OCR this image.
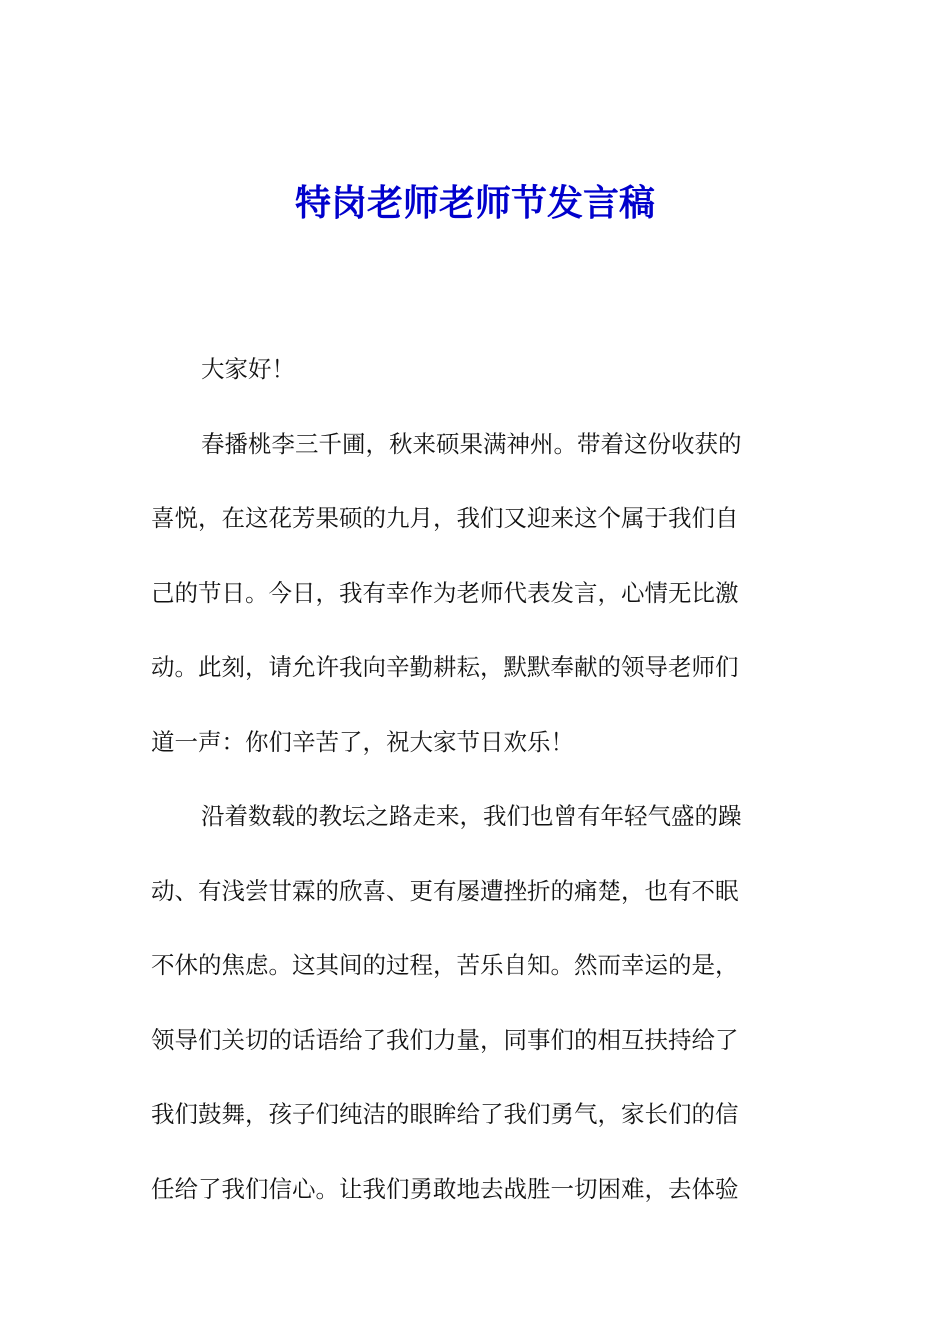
特岗老师老师节发言稿
大家好！
春播桃李三千圃，秋来硕果满神州。带着这份收获的
喜悦，在这花芳果硕的九月，我们又迎来这个属于我们自
己的节日。今日，我有幸作为老师代表发言，心情无比激
动。此刻，请允许我向辛勤耕耘，默默奉献的领导老师们
道一声：你们辛苦了，祝大家节日欢乐！
沿着数载的教坛之路走来，我们也曾有年轻气盛的躁
动、有浅尝甘霖的欣喜、更有屡遭挫折的痛楚，也有不眠
不休的焦虑。这其间的过程，苦乐自知。然而幸运的是，
领导们关切的话语给了我们力量，同事们的相互扶持给了
我们鼓舞，孩子们纯洁的眼眸给了我们勇气，家长们的信
任给了我们信心。让我们勇敢地去战胜一切困难，去体验
